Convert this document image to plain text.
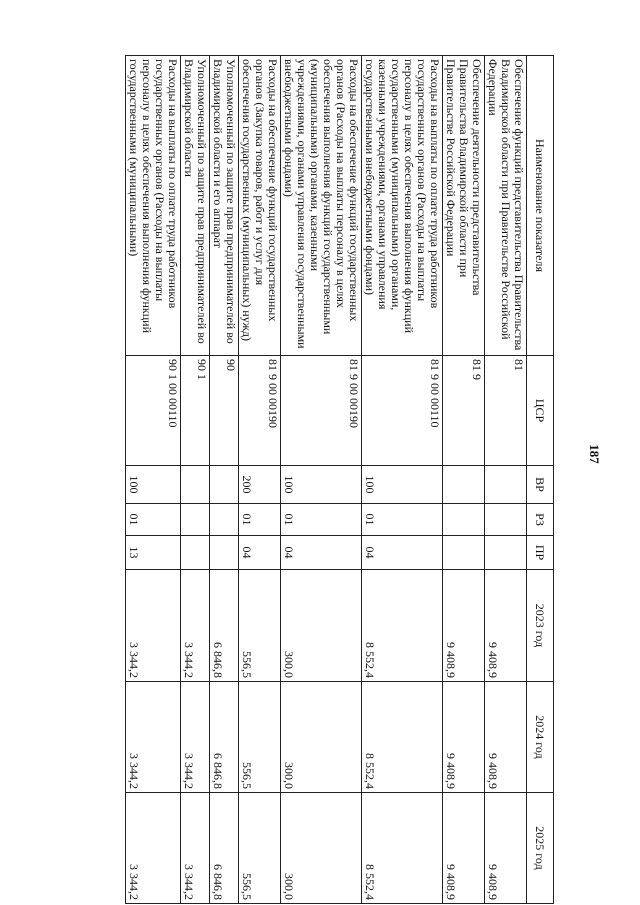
187
Наименование показателя	ЦСР	ВР	РЗ	ПР	2023 год	2024 год	2025 год
Обеспечение функций представительства Правительства Владимирской области при Правительстве Российской Федерации	81				9 408,9	9 408,9	9 408,9
Обеспечение деятельности представительства Правительства Владимирской области при Правительстве Российской Федерации	81 9				9 408,9	9 408,9	9 408,9
Расходы на выплаты по оплате труда работников государственных органов (Расходы на выплаты персоналу в целях обеспечения выполнения функций государственными (муниципальными) органами, казенными учреждениями, органами управления государственными внебюджетными фондами)	81 9 00 00110	100	01	04	8 552,4	8 552,4	8 552,4
Расходы на обеспечение функций государственных органов (Расходы на выплаты персоналу в целях обеспечения выполнения функций государственными (муниципальными) органами, казенными учреждениями, органами управления государственными внебюджетными фондами)	81 9 00 00190	100	01	04	300,0	300,0	300,0
Расходы на обеспечение функций государственных органов (Закупка товаров, работ и услуг для обеспечения государственных (муниципальных) нужд)	81 9 00 00190	200	01	04	556,5	556,5	556,5
Уполномоченный по защите прав предпринимателей во Владимирской области и его аппарат	90				6 846,8	6 846,8	6 846,8
Уполномоченный по защите прав предпринимателей во Владимирской области	90 1				3 344,2	3 344,2	3 344,2
Расходы на выплаты по оплате труда работников государственных органов (Расходы на выплаты персоналу в целях обеспечения выполнения функций государственными (муниципальными)	90 1 00 00110	100	01	13	3 344,2	3 344,2	3 344,2
